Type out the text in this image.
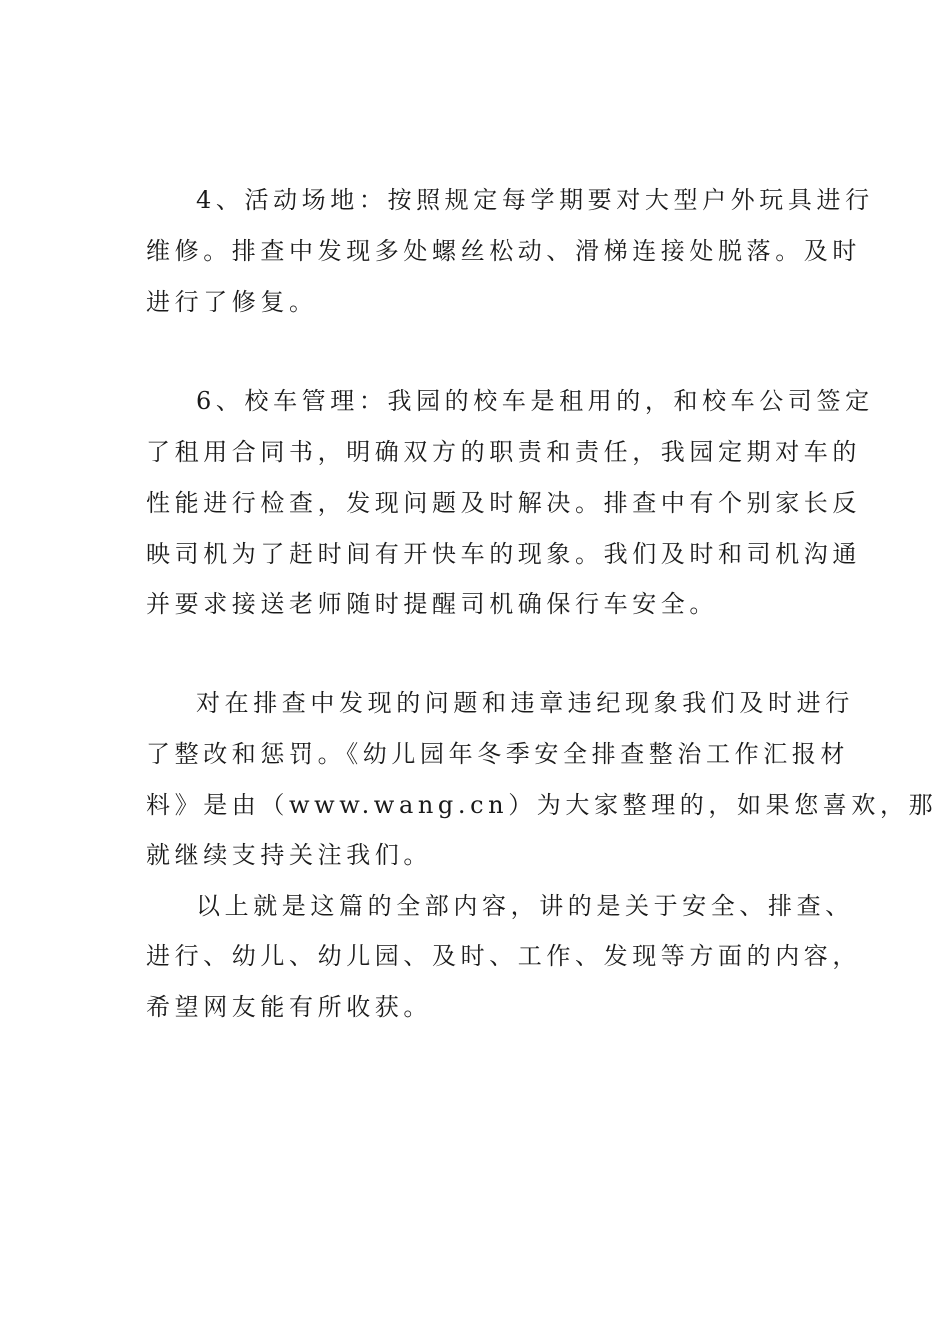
4、活动场地：按照规定每学期要对大型户外玩具进行
维修。排查中发现多处螺丝松动、滑梯连接处脱落。及时
进行了修复。
6、校车管理：我园的校车是租用的，和校车公司签定
了租用合同书，明确双方的职责和责任，我园定期对车的
性能进行检查，发现问题及时解决。排查中有个别家长反
映司机为了赶时间有开快车的现象。我们及时和司机沟通
并要求接送老师随时提醒司机确保行车安全。
对在排查中发现的问题和违章违纪现象我们及时进行
了整改和惩罚。《幼儿园年冬季安全排查整治工作汇报材
料》是由（www.wang.cn）为大家整理的，如果您喜欢，那
就继续支持关注我们。
以上就是这篇的全部内容，讲的是关于安全、排查、
进行、幼儿、幼儿园、及时、工作、发现等方面的内容，
希望网友能有所收获。
